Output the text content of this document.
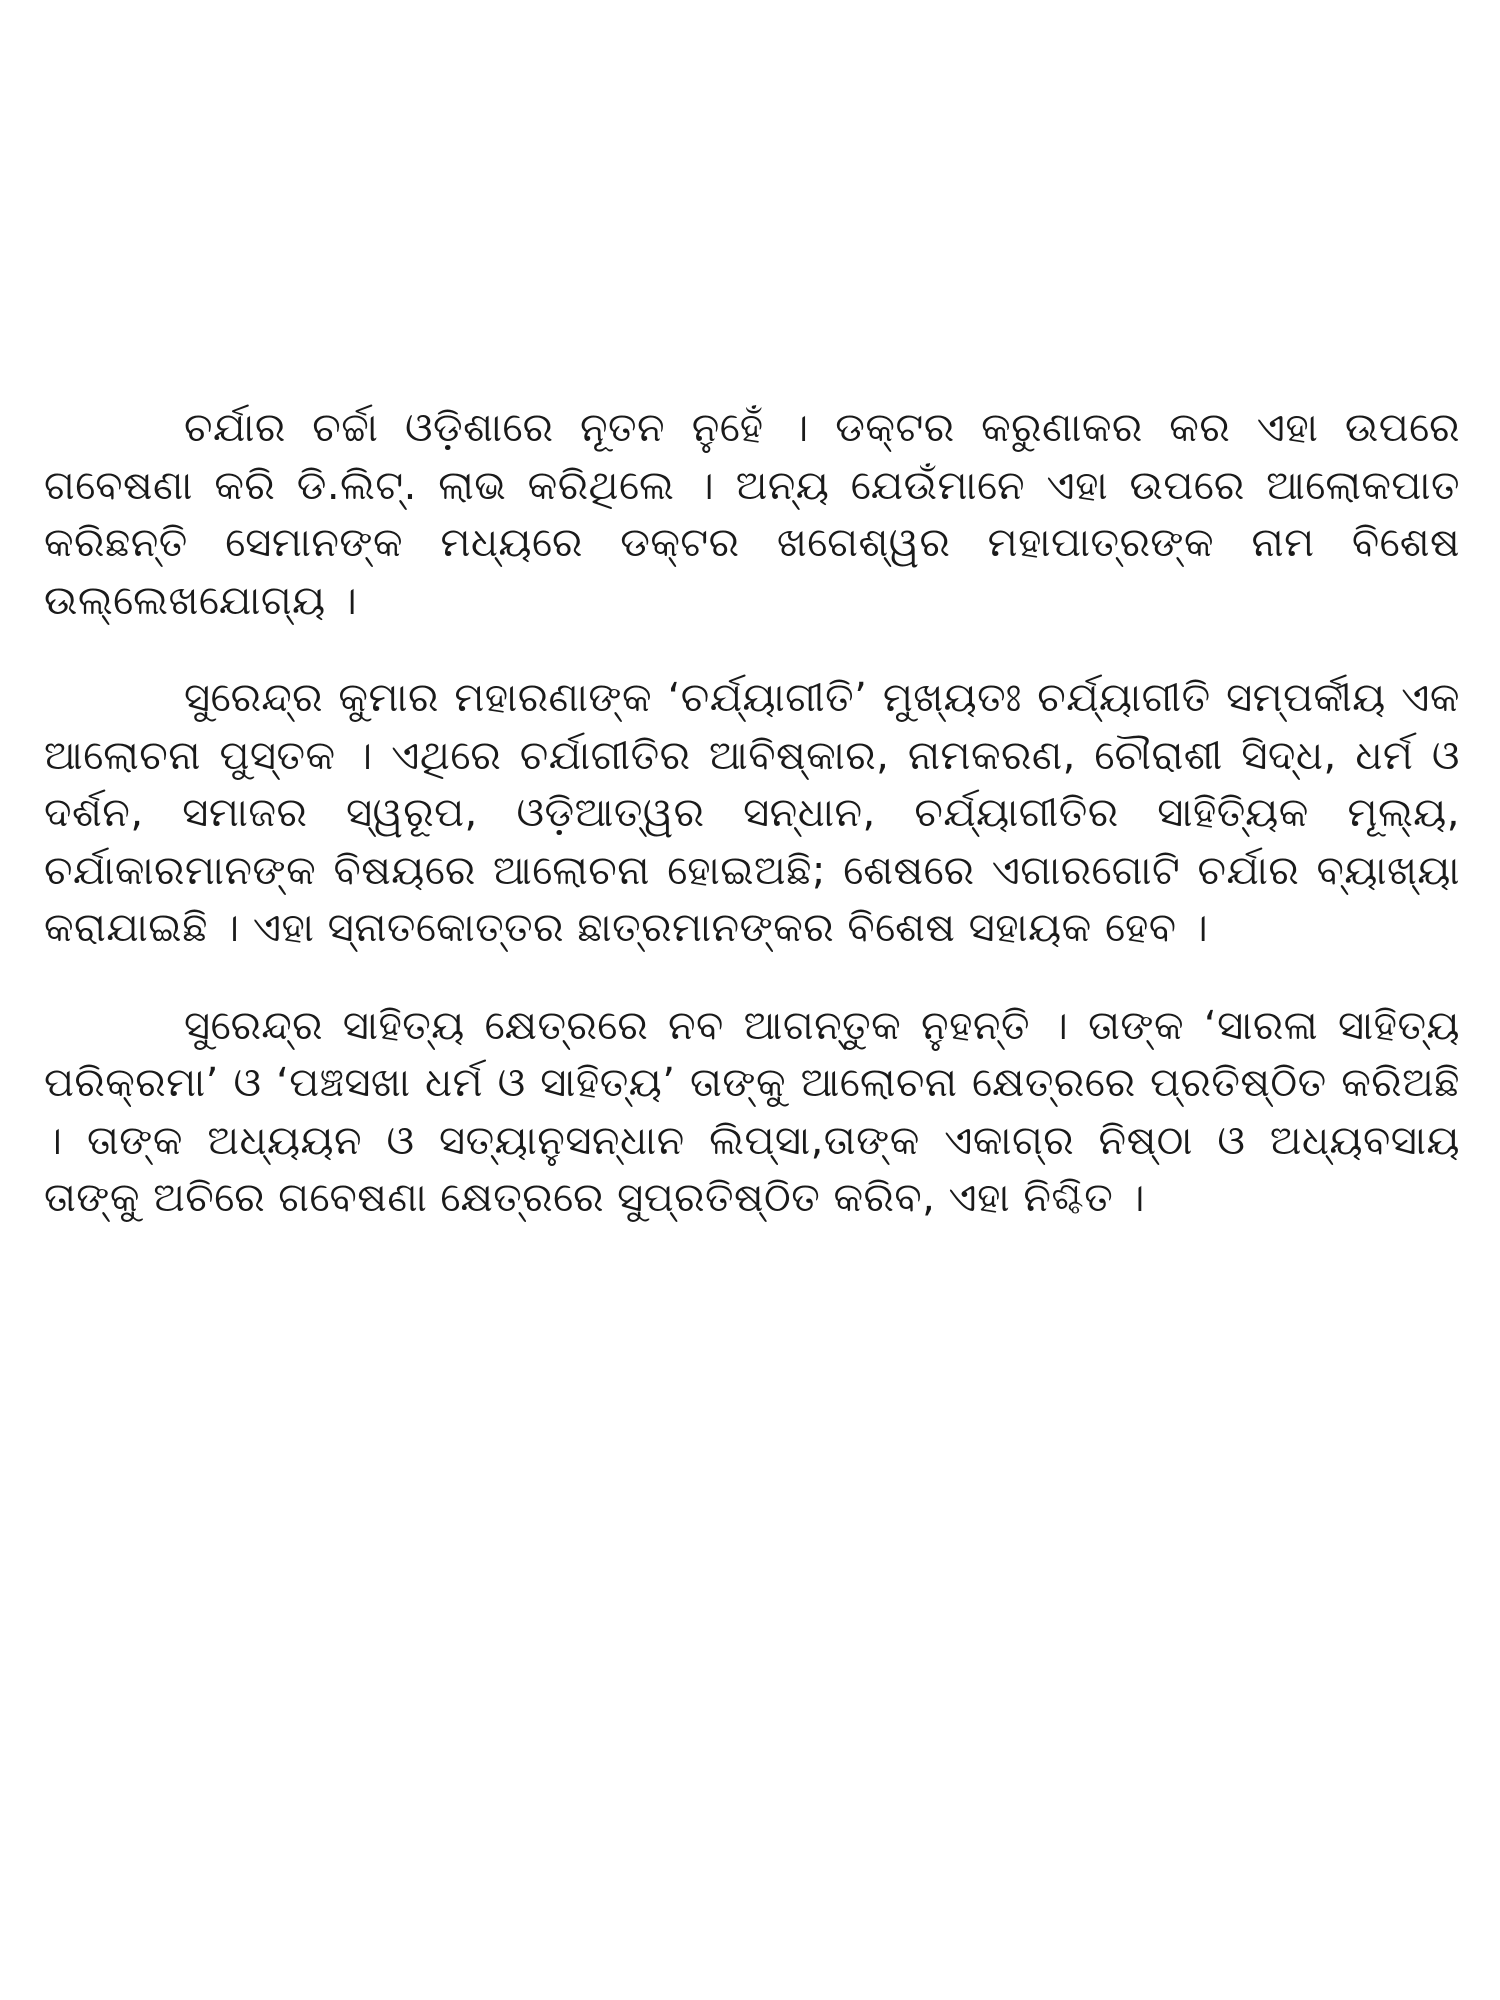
ଚର୍ଯାର ଚର୍ଚ୍ଚା ଓଡ଼ିଶାରେ ନୂତନ ନୁହେଁ । ଡକ୍ଟର କରୁଣାକର କର ଏହା ଉପରେ ଗବେଷଣା କରି ଡି.ଲିଟ୍. ଲାଭ କରିଥିଲେ । ଅନ୍ୟ ଯେଉଁମାନେ ଏହା ଉପରେ ଆଲୋକପାତ କରିଛନ୍ତି ସେମାନଙ୍କ ମଧ୍ୟରେ ଡକ୍ଟର ଖଗେଶ୍ୱର ମହାପାତ୍ରଙ୍କ ନାମ ବିଶେଷ ଉଲ୍ଲେଖଯୋଗ୍ୟ ।

ସୁରେନ୍ଦ୍ର କୁମାର ମହାରଣାଙ୍କ ‘ଚର୍ଯ୍ୟାଗୀତି’ ମୁଖ୍ୟତଃ ଚର୍ଯ୍ୟାଗୀତି ସମ୍ପର୍କୀୟ ଏକ ଆଲୋଚନା ପୁସ୍ତକ । ଏଥିରେ ଚର୍ଯାଗୀତିର ଆବିଷ୍କାର, ନାମକରଣ, ଚୌରାଶୀ ସିଦ୍ଧ, ଧର୍ମ ଓ ଦର୍ଶନ, ସମାଜର ସ୍ୱରୂପ, ଓଡ଼ିଆତ୍ୱର ସନ୍ଧାନ, ଚର୍ଯ୍ୟାଗୀତିର ସାହିତ୍ୟିକ ମୂଲ୍ୟ, ଚର୍ଯାକାରମାନଙ୍କ ବିଷୟରେ ଆଲୋଚନା ହୋଇଅଛି; ଶେଷରେ ଏଗାରଗୋଟି ଚର୍ଯାର ବ୍ୟାଖ୍ୟା କରାଯାଇଛି । ଏହା ସ୍ନାତକୋତ୍ତର ଛାତ୍ରମାନଙ୍କର ବିଶେଷ ସହାୟକ ହେବ ।

ସୁରେନ୍ଦ୍ର ସାହିତ୍ୟ କ୍ଷେତ୍ରରେ ନବ ଆଗନ୍ତୁକ ନୁହନ୍ତି । ତାଙ୍କ ‘ସାରଳା ସାହିତ୍ୟ ପରିକ୍ରମା’ ଓ ‘ପଞ୍ଚସଖା ଧର୍ମ ଓ ସାହିତ୍ୟ’ ତାଙ୍କୁ ଆଲୋଚନା କ୍ଷେତ୍ରରେ ପ୍ରତିଷ୍ଠିତ କରିଅଛି । ତାଙ୍କ ଅଧ୍ୟୟନ ଓ ସତ୍ୟାନୁସନ୍ଧାନ ଲିପ୍‌ସା,ତାଙ୍କ ଏକାଗ୍ର ନିଷ୍ଠା ଓ ଅଧ୍ୟବସାୟ ତାଙ୍କୁ ଅଚିରେ ଗବେଷଣା କ୍ଷେତ୍ରରେ ସୁପ୍ରତିଷ୍ଠିତ କରିବ, ଏହା ନିଶ୍ଚିତ ।
